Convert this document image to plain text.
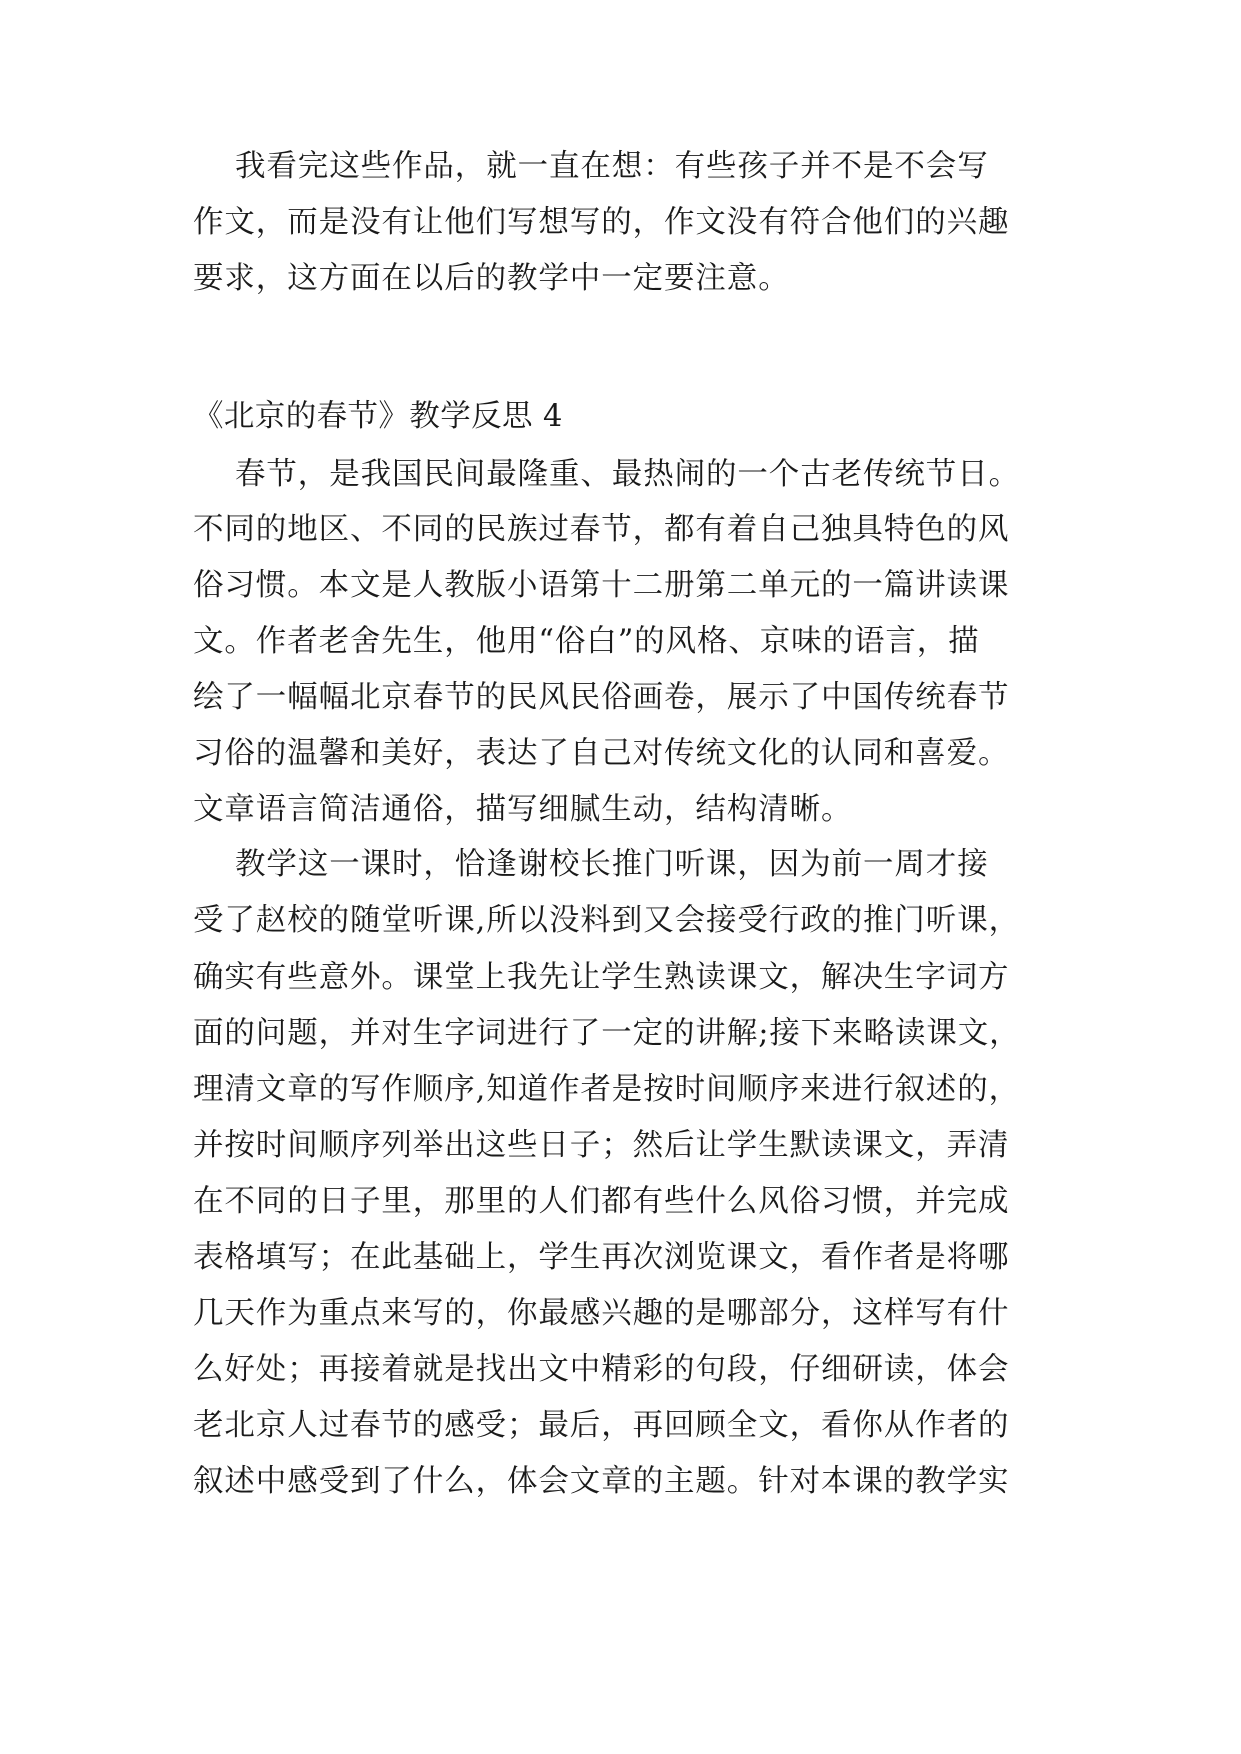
我看完这些作品，就一直在想：有些孩子并不是不会写
作文，而是没有让他们写想写的，作文没有符合他们的兴趣
要求，这方面在以后的教学中一定要注意。
《北京的春节》教学反思 4
春节，是我国民间最隆重、最热闹的一个古老传统节日。
不同的地区、不同的民族过春节，都有着自己独具特色的风
俗习惯。本文是人教版小语第十二册第二单元的一篇讲读课
文。作者老舍先生，他用“俗白”的风格、京味的语言，描
绘了一幅幅北京春节的民风民俗画卷，展示了中国传统春节
习俗的温馨和美好，表达了自己对传统文化的认同和喜爱。
文章语言简洁通俗，描写细腻生动，结构清晰。
教学这一课时，恰逢谢校长推门听课，因为前一周才接
受了赵校的随堂听课,所以没料到又会接受行政的推门听课，
确实有些意外。课堂上我先让学生熟读课文，解决生字词方
面的问题，并对生字词进行了一定的讲解;接下来略读课文，
理清文章的写作顺序,知道作者是按时间顺序来进行叙述的，
并按时间顺序列举出这些日子；然后让学生默读课文，弄清
在不同的日子里，那里的人们都有些什么风俗习惯，并完成
表格填写；在此基础上，学生再次浏览课文，看作者是将哪
几天作为重点来写的，你最感兴趣的是哪部分，这样写有什
么好处；再接着就是找出文中精彩的句段，仔细研读，体会
老北京人过春节的感受；最后，再回顾全文，看你从作者的
叙述中感受到了什么，体会文章的主题。针对本课的教学实
